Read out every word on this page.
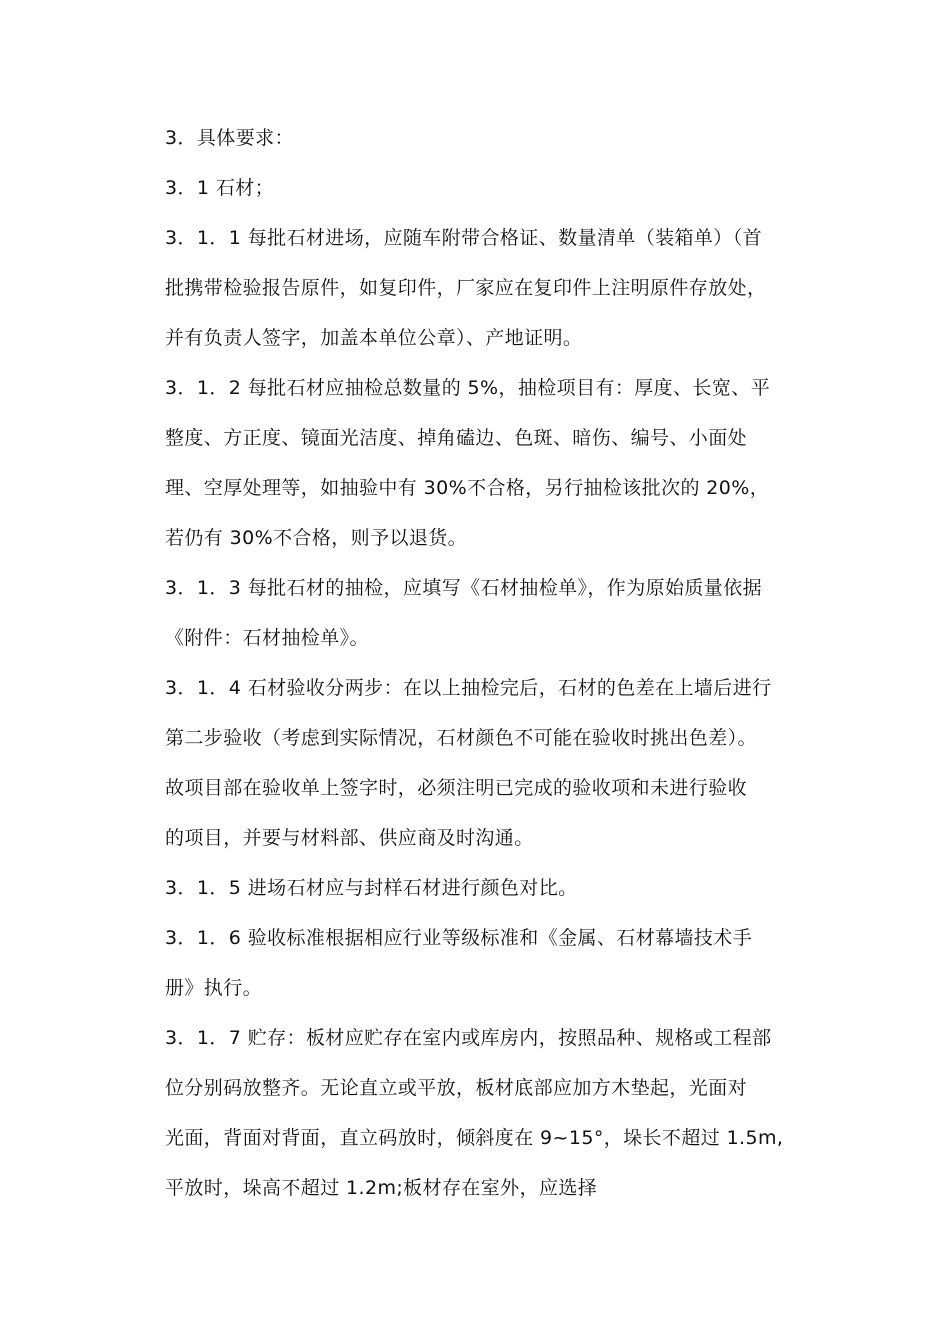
3．具体要求：

3．1 石材；

3．1．1 每批石材进场，应随车附带合格证、数量清单（装箱单）（首
批携带检验报告原件，如复印件，厂家应在复印件上注明原件存放处，
并有负责人签字，加盖本单位公章）、产地证明。

3．1．2 每批石材应抽检总数量的 5%，抽检项目有：厚度、长宽、平
整度、方正度、镜面光洁度、掉角磕边、色斑、暗伤、编号、小面处
理、空厚处理等，如抽验中有 30%不合格，另行抽检该批次的 20%，
若仍有 30%不合格，则予以退货。

3．1．3 每批石材的抽检，应填写《石材抽检单》，作为原始质量依据
《附件：石材抽检单》。

3．1．4 石材验收分两步：在以上抽检完后，石材的色差在上墙后进行
第二步验收（考虑到实际情况，石材颜色不可能在验收时挑出色差）。
故项目部在验收单上签字时，必须注明已完成的验收项和未进行验收
的项目，并要与材料部、供应商及时沟通。

3．1．5 进场石材应与封样石材进行颜色对比。

3．1．6 验收标准根据相应行业等级标准和《金属、石材幕墙技术手
册》执行。

3．1．7 贮存：板材应贮存在室内或库房内，按照品种、规格或工程部
位分别码放整齐。无论直立或平放，板材底部应加方木垫起，光面对
光面，背面对背面，直立码放时，倾斜度在 9~15°，垛长不超过 1.5m,
平放时，垛高不超过 1.2m;板材存在室外，应选择
